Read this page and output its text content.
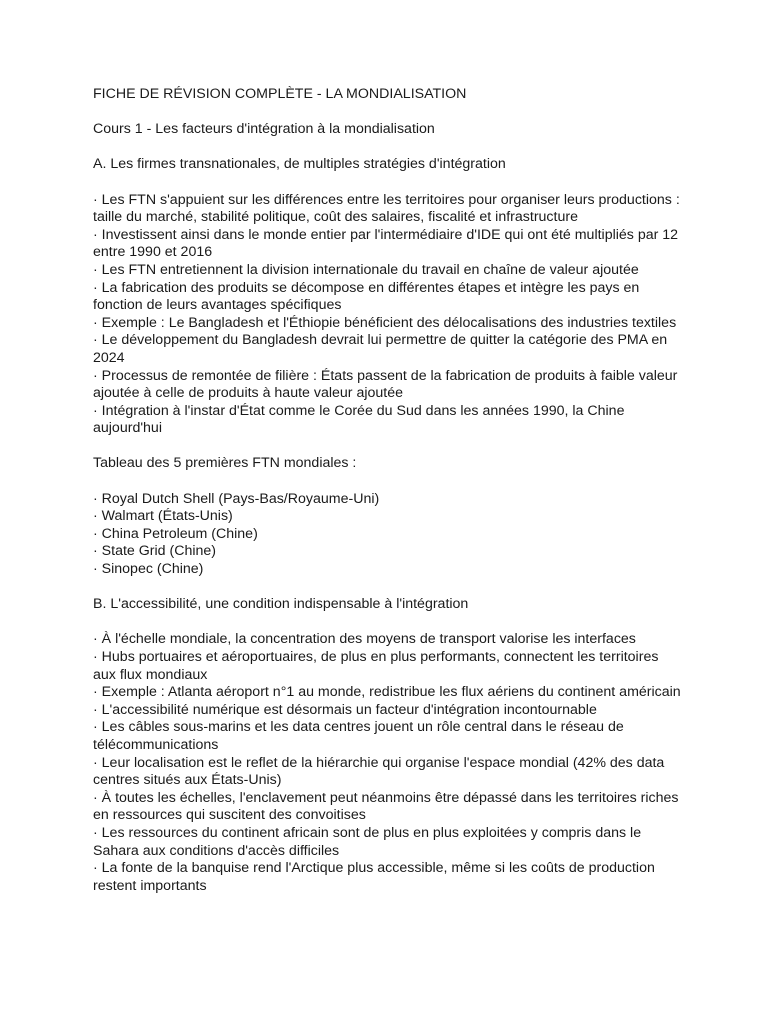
FICHE DE RÉVISION COMPLÈTE - LA MONDIALISATION

Cours 1 - Les facteurs d'intégration à la mondialisation

A. Les firmes transnationales, de multiples stratégies d'intégration

· Les FTN s'appuient sur les différences entre les territoires pour organiser leurs productions : taille du marché, stabilité politique, coût des salaires, fiscalité et infrastructure

· Investissent ainsi dans le monde entier par l'intermédiaire d'IDE qui ont été multipliés par 12 entre 1990 et 2016

· Les FTN entretiennent la division internationale du travail en chaîne de valeur ajoutée

· La fabrication des produits se décompose en différentes étapes et intègre les pays en fonction de leurs avantages spécifiques

· Exemple : Le Bangladesh et l'Éthiopie bénéficient des délocalisations des industries textiles

· Le développement du Bangladesh devrait lui permettre de quitter la catégorie des PMA en 2024

· Processus de remontée de filière : États passent de la fabrication de produits à faible valeur ajoutée à celle de produits à haute valeur ajoutée

· Intégration à l'instar d'État comme le Corée du Sud dans les années 1990, la Chine aujourd'hui

Tableau des 5 premières FTN mondiales :

· Royal Dutch Shell (Pays-Bas/Royaume-Uni)

· Walmart (États-Unis)

· China Petroleum (Chine)

· State Grid (Chine)

· Sinopec (Chine)

B. L'accessibilité, une condition indispensable à l'intégration

· À l'échelle mondiale, la concentration des moyens de transport valorise les interfaces

· Hubs portuaires et aéroportuaires, de plus en plus performants, connectent les territoires aux flux mondiaux

· Exemple : Atlanta aéroport n°1 au monde, redistribue les flux aériens du continent américain

· L'accessibilité numérique est désormais un facteur d'intégration incontournable

· Les câbles sous-marins et les data centres jouent un rôle central dans le réseau de télécommunications

· Leur localisation est le reflet de la hiérarchie qui organise l'espace mondial (42% des data centres situés aux États-Unis)

· À toutes les échelles, l'enclavement peut néanmoins être dépassé dans les territoires riches en ressources qui suscitent des convoitises

· Les ressources du continent africain sont de plus en plus exploitées y compris dans le Sahara aux conditions d'accès difficiles

· La fonte de la banquise rend l'Arctique plus accessible, même si les coûts de production restent importants
